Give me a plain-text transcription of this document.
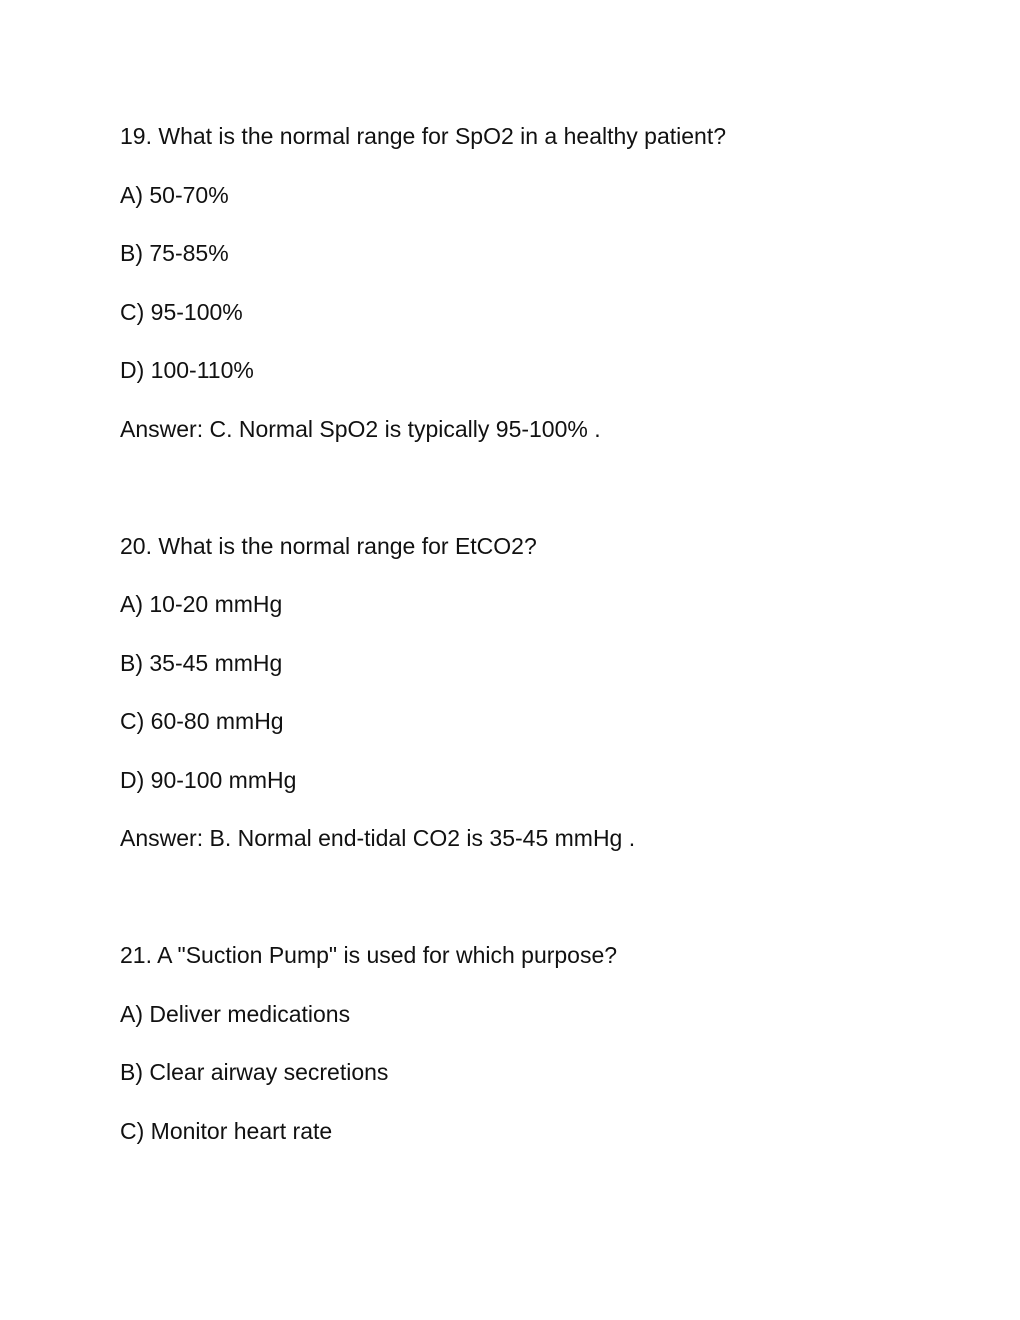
19. What is the normal range for SpO2 in a healthy patient?

A) 50-70%

B) 75-85%

C) 95-100%

D) 100-110%

Answer: C. Normal SpO2 is typically 95-100% .

20. What is the normal range for EtCO2?

A) 10-20 mmHg

B) 35-45 mmHg

C) 60-80 mmHg

D) 90-100 mmHg

Answer: B. Normal end-tidal CO2 is 35-45 mmHg .

21. A "Suction Pump" is used for which purpose?

A) Deliver medications

B) Clear airway secretions

C) Monitor heart rate
